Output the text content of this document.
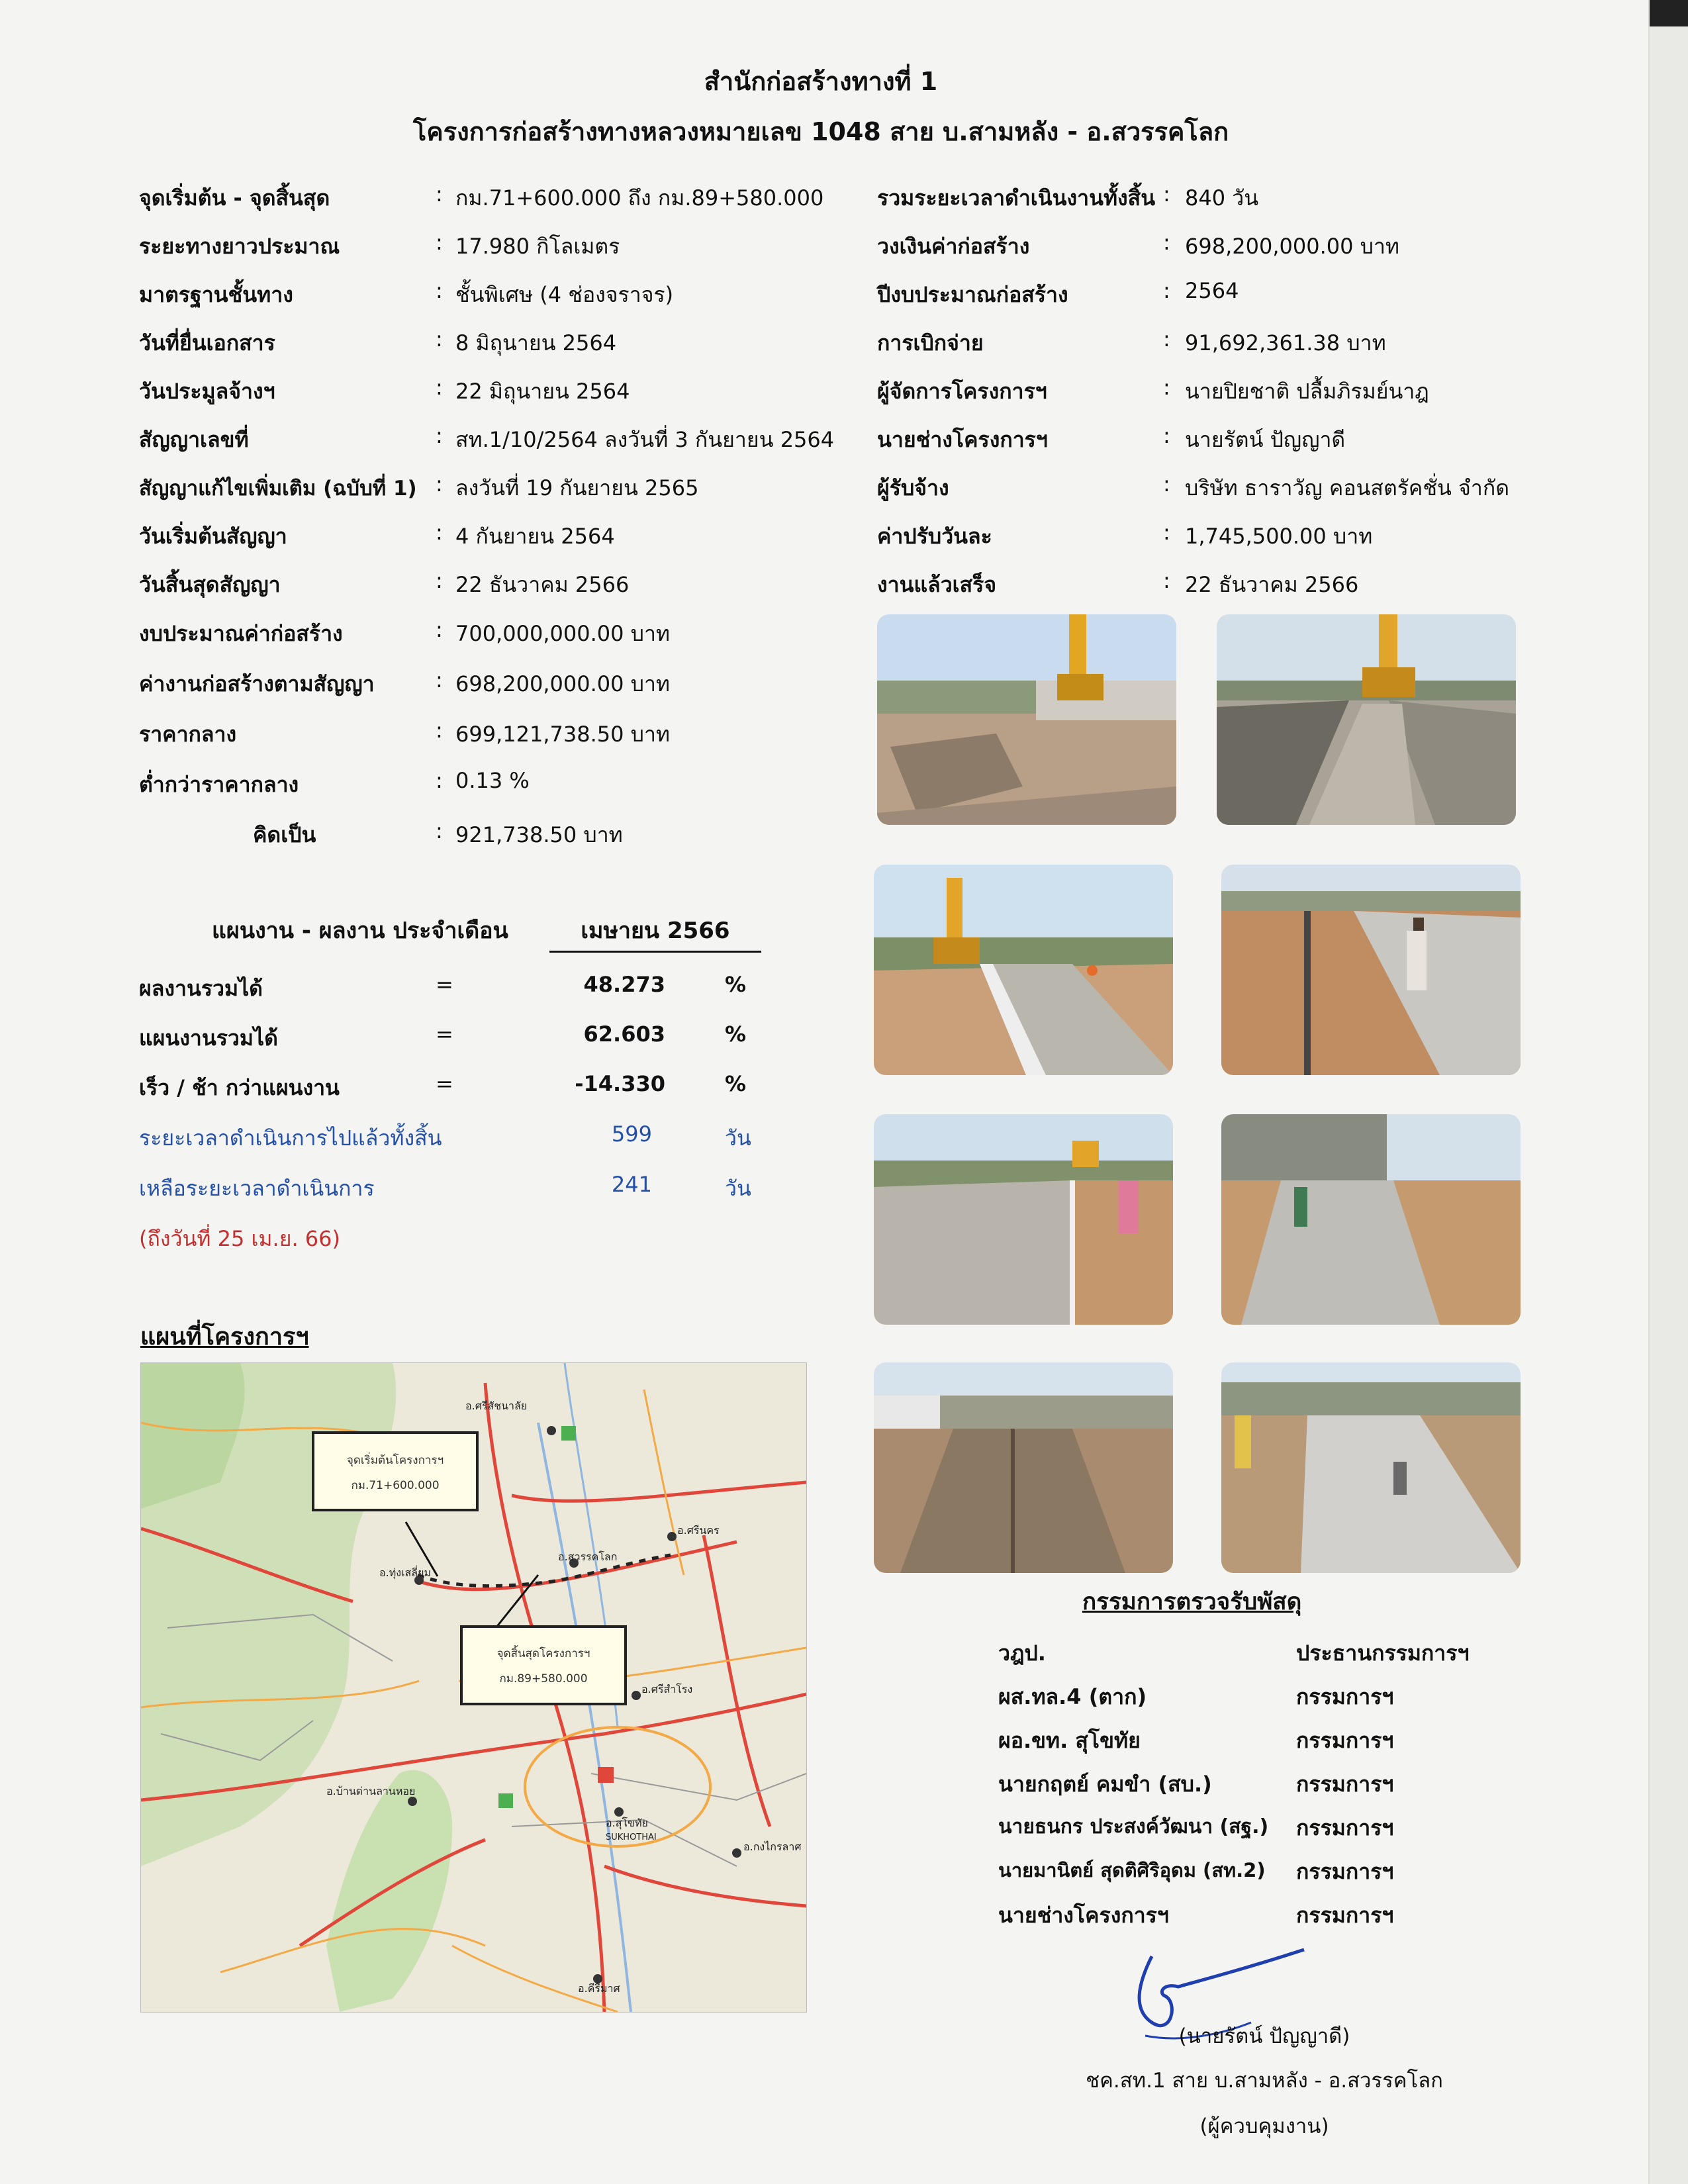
สำนักก่อสร้างทางที่ 1
โครงการก่อสร้างทางหลวงหมายเลข 1048 สาย บ.สามหลัง - อ.สวรรคโลก
จุดเริ่มต้น - จุดสิ้นสุด	: กม.71+600.000 ถึง กม.89+580.000
ระยะทางยาวประมาณ	: 17.980 กิโลเมตร
มาตรฐานชั้นทาง	: ชั้นพิเศษ (4 ช่องจราจร)
วันที่ยื่นเอกสาร	: 8 มิถุนายน 2564
วันประมูลจ้างฯ	: 22 มิถุนายน 2564
สัญญาเลขที่	: สท.1/10/2564 ลงวันที่ 3 กันยายน 2564
สัญญาแก้ไขเพิ่มเติม (ฉบับที่ 1) : ลงวันที่ 19 กันยายน 2565
วันเริ่มต้นสัญญา	: 4 กันยายน 2564
วันสิ้นสุดสัญญา	: 22 ธันวาคม 2566
งบประมาณค่าก่อสร้าง	: 700,000,000.00 บาท
ค่างานก่อสร้างตามสัญญา	: 698,200,000.00 บาท
ราคากลาง	: 699,121,738.50 บาท
ต่ำกว่าราคากลาง	: 0.13 %
คิดเป็น	: 921,738.50 บาท
รวมระยะเวลาดำเนินงานทั้งสิ้น : 840 วัน
วงเงินค่าก่อสร้าง	: 698,200,000.00 บาท
ปีงบประมาณก่อสร้าง	: 2564
การเบิกจ่าย	: 91,692,361.38 บาท
ผู้จัดการโครงการฯ	: นายปิยชาติ ปลื้มภิรมย์นาฎ
นายช่างโครงการฯ	: นายรัตน์ ปัญญาดี
ผู้รับจ้าง	: บริษัท ธาราวัญ คอนสตรัคชั่น จำกัด
ค่าปรับวันละ	: 1,745,500.00 บาท
งานแล้วเสร็จ	: 22 ธันวาคม 2566
แผนงาน - ผลงาน ประจำเดือน	เมษายน 2566
ผลงานรวมได้	=	48.273	%
แผนงานรวมได้	=	62.603	%
เร็ว / ช้า กว่าแผนงาน	=	-14.330	%
ระยะเวลาดำเนินการไปแล้วทั้งสิ้น	599	วัน
เหลือระยะเวลาดำเนินการ	241	วัน
(ถึงวันที่ 25 เม.ย. 66)
แผนที่โครงการฯ
อ.ศรีสัชนาลัย
อ.สวรรคโลก
อ.ศรีนคร
อ.ทุ่งเสลี่ยม
อ.ศรีสำโรง
อ.บ้านด่านลานหอย
อ.สุโขทัย
SUKHOTHAI
อ.กงไกรลาศ
อ.คีรีมาศ
จุดเริ่มต้นโครงการฯ
กม.71+600.000
จุดสิ้นสุดโครงการฯ
กม.89+580.000
กรรมการตรวจรับพัสดุ
วฎป.	ประธานกรรมการฯ
ผส.ทล.4 (ตาก)	กรรมการฯ
ผอ.ขท. สุโขทัย	กรรมการฯ
นายกฤตย์ คมขำ (สบ.)	กรรมการฯ
นายธนกร ประสงค์วัฒนา (สฐ.) กรรมการฯ
นายมานิตย์ สุดติศิริอุดม (สท.2) กรรมการฯ
นายช่างโครงการฯ	กรรมการฯ
(นายรัตน์ ปัญญาดี)
ชค.สท.1 สาย บ.สามหลัง - อ.สวรรคโลก
(ผู้ควบคุมงาน)
